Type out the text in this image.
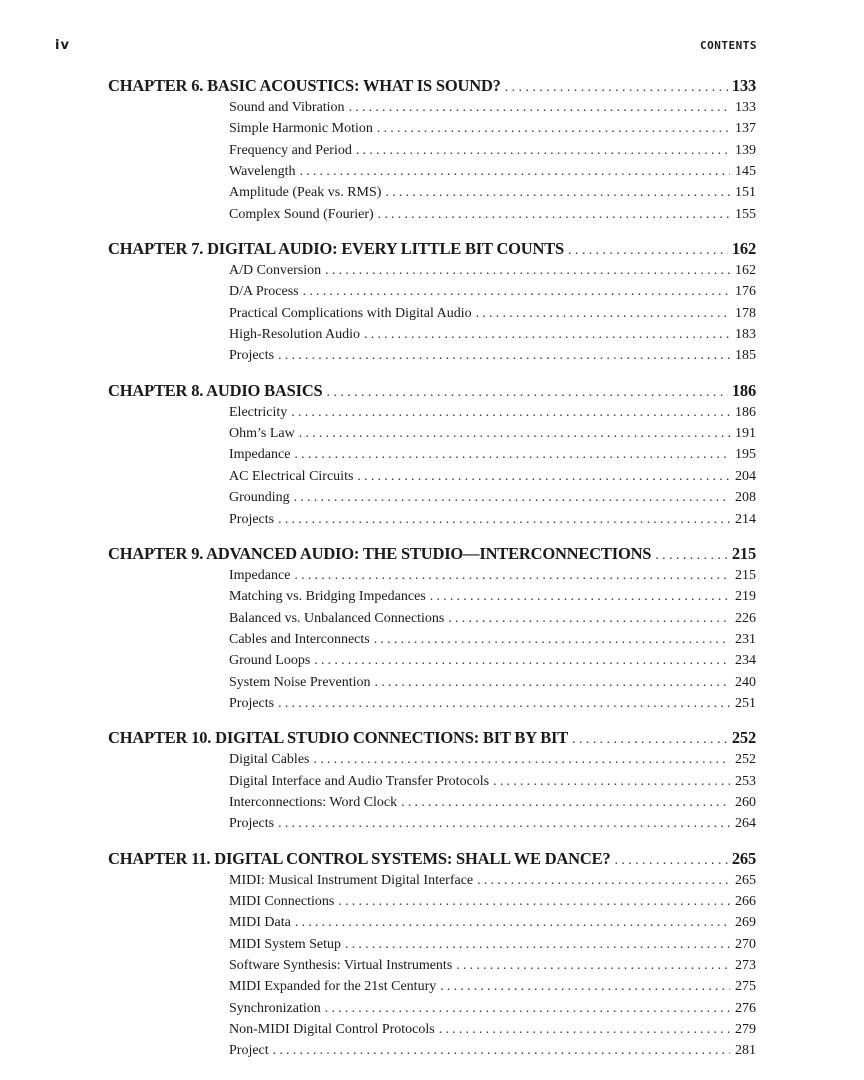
iv	CONTENTS
CHAPTER 6. BASIC ACOUSTICS: WHAT IS SOUND? .....	133
Sound and Vibration .....	133
Simple Harmonic Motion .....	137
Frequency and Period .....	139
Wavelength .....	145
Amplitude (Peak vs. RMS) .....	151
Complex Sound (Fourier) .....	155
CHAPTER 7. DIGITAL AUDIO: EVERY LITTLE BIT COUNTS .....	162
A/D Conversion .....	162
D/A Process .....	176
Practical Complications with Digital Audio .....	178
High-Resolution Audio .....	183
Projects .....	185
CHAPTER 8. AUDIO BASICS .....	186
Electricity .....	186
Ohm’s Law .....	191
Impedance .....	195
AC Electrical Circuits .....	204
Grounding .....	208
Projects .....	214
CHAPTER 9. ADVANCED AUDIO: THE STUDIO—INTERCONNECTIONS .....	215
Impedance .....	215
Matching vs. Bridging Impedances .....	219
Balanced vs. Unbalanced Connections .....	226
Cables and Interconnects .....	231
Ground Loops .....	234
System Noise Prevention .....	240
Projects .....	251
CHAPTER 10. DIGITAL STUDIO CONNECTIONS: BIT BY BIT .....	252
Digital Cables .....	252
Digital Interface and Audio Transfer Protocols .....	253
Interconnections: Word Clock .....	260
Projects .....	264
CHAPTER 11. DIGITAL CONTROL SYSTEMS: SHALL WE DANCE? .....	265
MIDI: Musical Instrument Digital Interface .....	265
MIDI Connections .....	266
MIDI Data .....	269
MIDI System Setup .....	270
Software Synthesis: Virtual Instruments .....	273
MIDI Expanded for the 21st Century .....	275
Synchronization .....	276
Non-MIDI Digital Control Protocols .....	279
Project .....	281
